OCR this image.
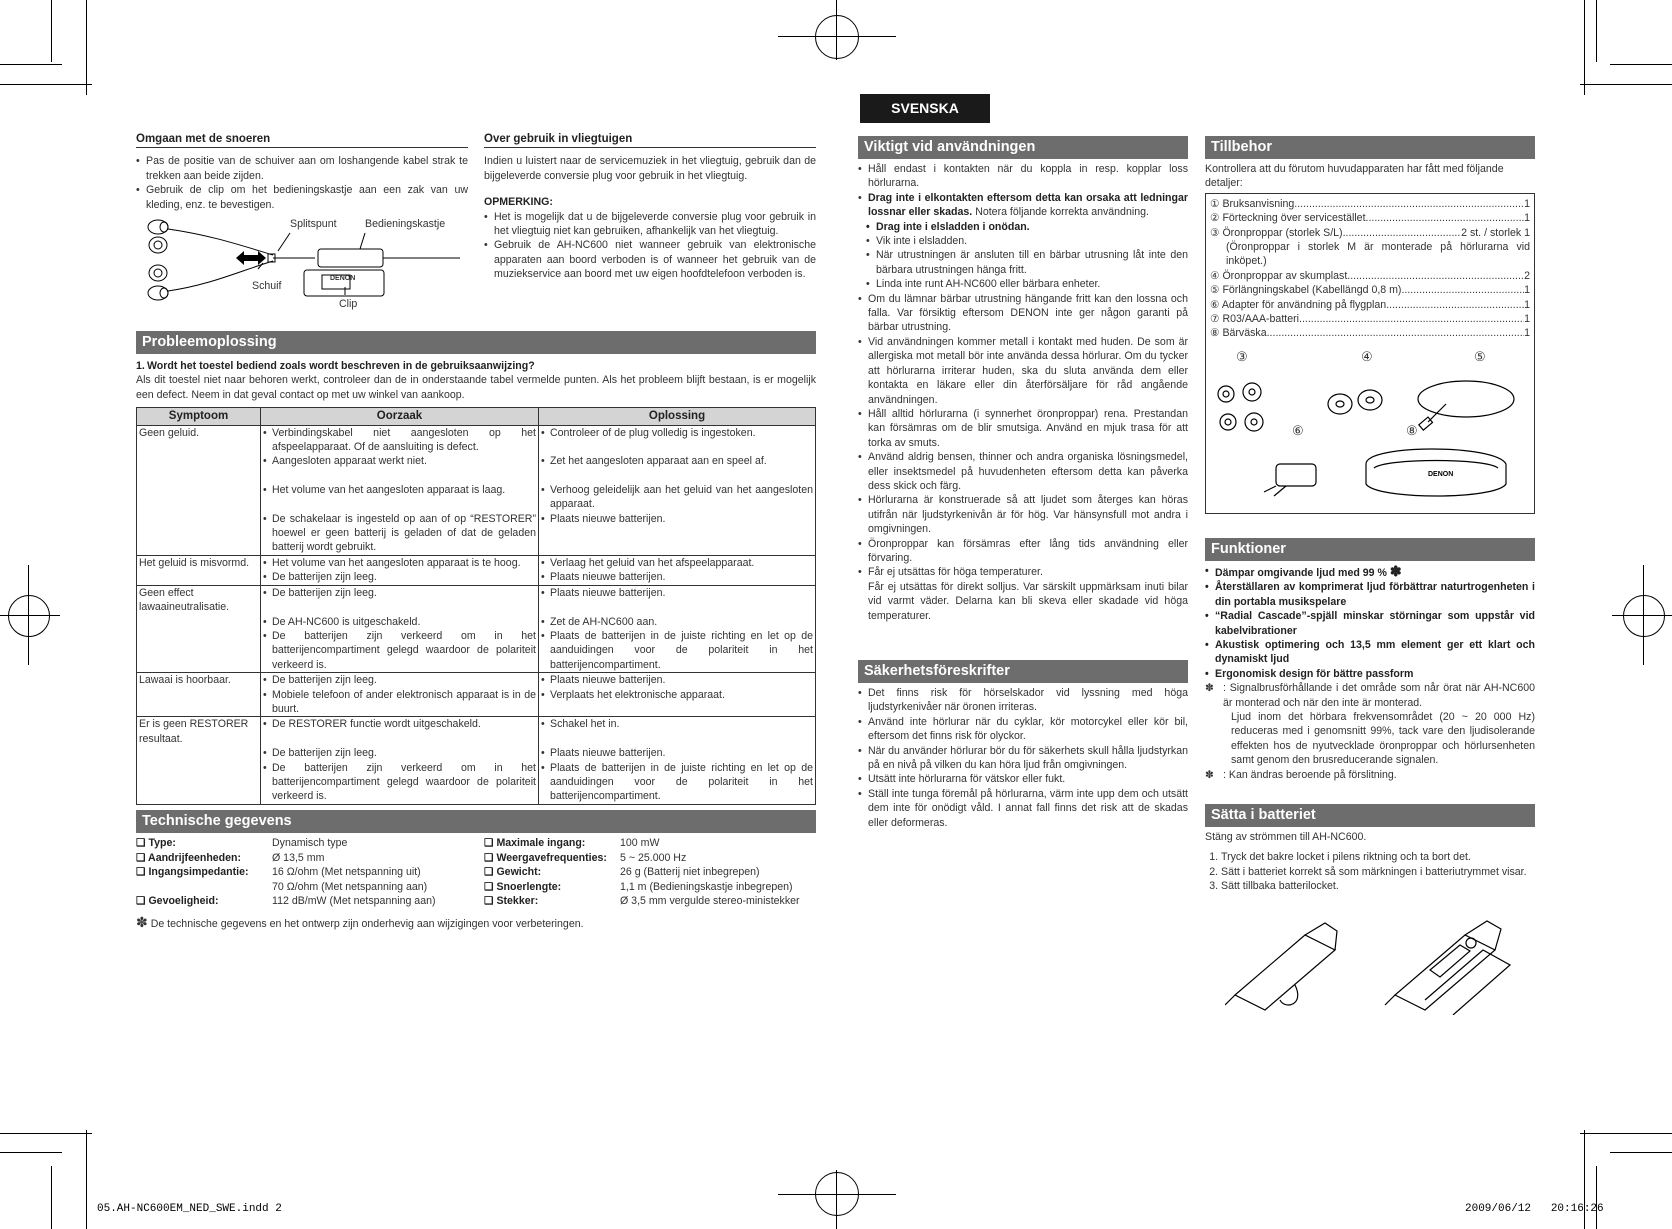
05.AH-NC600EM_NED_SWE.indd 2	2009/06/12   20:16:26
Omgaan met de snoeren
• Pas de positie van de schuiver aan om loshangende kabel strak te trekken aan beide zijden.
• Gebruik de clip om het bedieningskastje aan een zak van uw kleding, enz. te bevestigen.
Splitspunt	Bedieningskastje
Schuif
Clip
DENON
Over gebruik in vliegtuigen
Indien u luistert naar de servicemuziek in het vliegtuig, gebruik dan de bijgeleverde conversie plug voor gebruik in het vliegtuig.
OPMERKING:
• Het is mogelijk dat u de bijgeleverde conversie plug voor gebruik in het vliegtuig niet kan gebruiken, afhankelijk van het vliegtuig.
• Gebruik de AH-NC600 niet wanneer gebruik van elektronische apparaten aan boord verboden is of wanneer het gebruik van de muziekservice aan boord met uw eigen hoofdtelefoon verboden is.
Probleemoplossing
1. Wordt het toestel bediend zoals wordt beschreven in de gebruiksaanwijzing?
Als dit toestel niet naar behoren werkt, controleer dan de in onderstaande tabel vermelde punten. Als het probleem blijft bestaan, is er mogelijk een defect. Neem in dat geval contact op met uw winkel van aankoop.
Symptoom	Oorzaak	Oplossing
Geen geluid.	• Verbindingskabel niet aangesloten op het afspeelapparaat. Of de aansluiting is defect.	• Controleer of de plug volledig is ingestoken.

	• Aangesloten apparaat werkt niet.	• Zet het aangesloten apparaat aan en speel af.

	• Het volume van het aangesloten apparaat is laag.	• Verhoog geleidelijk aan het geluid van het aangesloten apparaat.

	• De schakelaar is ingesteld op aan of op “RESTORER” hoewel er geen batterij is geladen of dat de geladen batterij wordt gebruikt.	• Plaats nieuwe batterijen.

Het geluid is misvormd.	• Het volume van het aangesloten apparaat is te hoog.	• Verlaag het geluid van het afspeelapparaat.

	• De batterijen zijn leeg.	• Plaats nieuwe batterijen.

Geen effect lawaaineutralisatie.	• De batterijen zijn leeg.	• Plaats nieuwe batterijen.

	• De AH-NC600 is uitgeschakeld.	• Zet de AH-NC600 aan.

	• De batterijen zijn verkeerd om in het batterijencompartiment gelegd waardoor de polariteit verkeerd is.	• Plaats de batterijen in de juiste richting en let op de aanduidingen voor de polariteit in het batterijencompartiment.

Lawaai is hoorbaar.	• De batterijen zijn leeg.	• Plaats nieuwe batterijen.

	• Mobiele telefoon of ander elektronisch apparaat is in de buurt.	• Verplaats het elektronische apparaat.

Er is geen RESTORER resultaat.	• De RESTORER functie wordt uitgeschakeld.	• Schakel het in.

	• De batterijen zijn leeg.	• Plaats nieuwe batterijen.

	• De batterijen zijn verkeerd om in het batterijencompartiment gelegd waardoor de polariteit verkeerd is.	• Plaats de batterijen in de juiste richting en let op de aanduidingen voor de polariteit in het batterijencompartiment.
Technische gegevens
❏ Type:	Dynamisch type
❏ Aandrijfeenheden:	Ø 13,5 mm
❏ Ingangsimpedantie:	16 Ω/ohm (Met netspanning uit)
70 Ω/ohm (Met netspanning aan)
❏ Gevoeligheid:	112 dB/mW (Met netspanning aan)
❏ Maximale ingang:	100 mW
❏ Weergavefrequenties:	5 ~ 25.000 Hz
❏ Gewicht:	26 g (Batterij niet inbegrepen)
❏ Snoerlengte:	1,1 m (Bedieningskastje inbegrepen)
❏ Stekker:	Ø 3,5 mm vergulde stereo-ministekker
✽ De technische gegevens en het ontwerp zijn onderhevig aan wijzigingen voor verbeteringen.
SVENSKA
Viktigt vid användningen
• Håll endast i kontakten när du koppla in resp. kopplar loss hörlurarna.
• Drag inte i elkontakten eftersom detta kan orsaka att ledningar lossnar eller skadas. Notera följande korrekta användning.
• Drag inte i elsladden i onödan.
• Vik inte i elsladden.
• När utrustningen är ansluten till en bärbar utrusning låt inte den bärbara utrustningen hänga fritt.
• Linda inte runt AH-NC600 eller bärbara enheter.
• Om du lämnar bärbar utrustning hängande fritt kan den lossna och falla. Var försiktig eftersom DENON inte ger någon garanti på bärbar utrustning.
• Vid användningen kommer metall i kontakt med huden. De som är allergiska mot metall bör inte använda dessa hörlurar. Om du tycker att hörlurarna irriterar huden, ska du sluta använda dem eller kontakta en läkare eller din återförsäljare för råd angående användningen.
• Håll alltid hörlurarna (i synnerhet öronproppar) rena. Prestandan kan försämras om de blir smutsiga. Använd en mjuk trasa för att torka av smuts.
• Använd aldrig bensen, thinner och andra organiska lösningsmedel, eller insektsmedel på huvudenheten eftersom detta kan påverka dess skick och färg.
• Hörlurarna är konstruerade så att ljudet som återges kan höras utifrån när ljudstyrkenivån är för hög. Var hänsynsfull mot andra i omgivningen.
• Öronproppar kan försämras efter lång tids användning eller förvaring.
• Får ej utsättas för höga temperaturer.
Får ej utsättas för direkt solljus. Var särskilt uppmärksam inuti bilar vid varmt väder. Delarna kan bli skeva eller skadade vid höga temperaturer.
Säkerhetsföreskrifter
• Det finns risk för hörselskador vid lyssning med höga ljudstyrkenivåer när öronen irriteras.
• Använd inte hörlurar när du cyklar, kör motorcykel eller kör bil, eftersom det finns risk för olyckor.
• När du använder hörlurar bör du för säkerhets skull hålla ljudstyrkan på en nivå på vilken du kan höra ljud från omgivningen.
• Utsätt inte hörlurarna för vätskor eller fukt.
• Ställ inte tunga föremål på hörlurarna, värm inte upp dem och utsätt dem inte för onödigt våld. I annat fall finns det risk att de skadas eller deformeras.
Tillbehor
Kontrollera att du förutom huvudapparaten har fått med följande detaljer:
① Bruksanvisning .....	1
② Förteckning över servicestället .....	1
③ Öronproppar (storlek S/L) .....	2 st. / storlek 1
(Öronproppar i storlek M är monterade på hörlurarna vid inköpet.)
④ Öronproppar av skumplast .....	2
⑤ Förlängningskabel (Kabellängd 0,8 m) .....	1
⑥ Adapter för användning på flygplan .....	1
⑦ R03/AAA-batteri .....	1
⑧ Bärväska .....	1
③	④	⑤
⑥	⑧
DENON
Funktioner
• Dämpar omgivande ljud med 99 % ✽
• Återställaren av komprimerat ljud förbättrar naturtrogenheten i din portabla musikspelare
• “Radial Cascade”-spjäll minskar störningar som uppstår vid kabelvibrationer
• Akustisk optimering och 13,5 mm element ger ett klart och dynamiskt ljud
• Ergonomisk design för bättre passform
✽ : Signalbrusförhållande i det område som når örat när AH-NC600 är monterad och när den inte är monterad.

Ljud inom det hörbara frekvensområdet (20 ~ 20 000 Hz) reduceras med i genomsnitt 99%, tack vare den ljudisolerande effekten hos de nyutvecklade öronproppar och hörlursenheten samt genom den brusreducerande signalen.
✽ : Kan ändras beroende på förslitning.
Sätta i batteriet
Stäng av strömmen till AH-NC600.
1. Tryck det bakre locket i pilens riktning och ta bort det.
2. Sätt i batteriet korrekt så som märkningen i batteriutrymmet visar.
3. Sätt tillbaka batterilocket.
